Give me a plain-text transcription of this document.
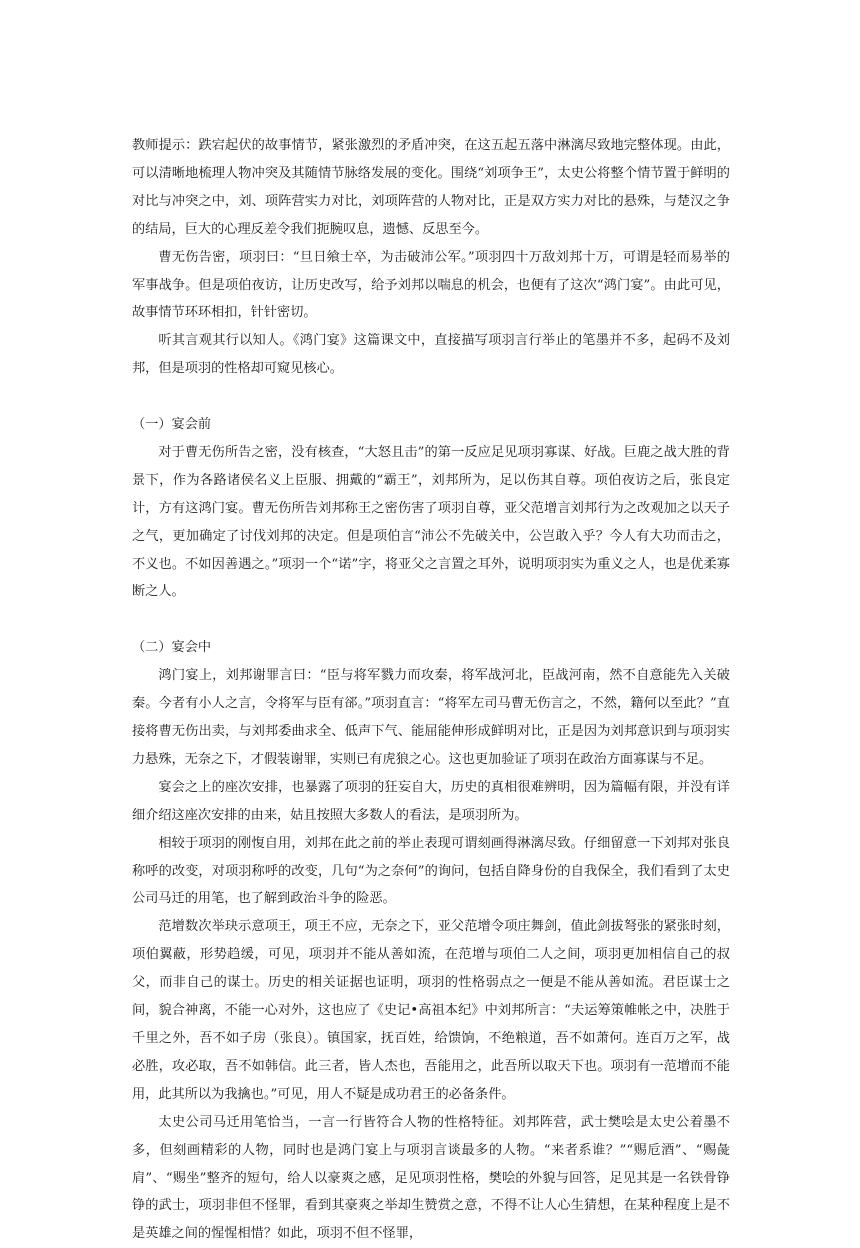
教师提示：跌宕起伏的故事情节，紧张激烈的矛盾冲突，在这五起五落中淋漓尽致地完整体现。由此，可以清晰地梳理人物冲突及其随情节脉络发展的变化。围绕“刘项争王”，太史公将整个情节置于鲜明的对比与冲突之中，刘、项阵营实力对比，刘项阵营的人物对比，正是双方实力对比的悬殊，与楚汉之争的结局，巨大的心理反差令我们扼腕叹息，遗憾、反思至今。

曹无伤告密，项羽曰：“旦日飨士卒，为击破沛公军。”项羽四十万敌刘邦十万，可谓是轻而易举的军事战争。但是项伯夜访，让历史改写，给予刘邦以喘息的机会，也便有了这次“鸿门宴”。由此可见，故事情节环环相扣，针针密切。

听其言观其行以知人。《鸿门宴》这篇课文中，直接描写项羽言行举止的笔墨并不多，起码不及刘邦，但是项羽的性格却可窥见核心。

（一）宴会前

对于曹无伤所告之密，没有核查，“大怒且击”的第一反应足见项羽寡谋、好战。巨鹿之战大胜的背景下，作为各路诸侯名义上臣服、拥戴的“霸王”，刘邦所为，足以伤其自尊。项伯夜访之后，张良定计，方有这鸿门宴。曹无伤所告刘邦称王之密伤害了项羽自尊，亚父范增言刘邦行为之改观加之以天子之气，更加确定了讨伐刘邦的决定。但是项伯言“沛公不先破关中，公岂敢入乎？今人有大功而击之，不义也。不如因善遇之。”项羽一个“诺”字，将亚父之言置之耳外，说明项羽实为重义之人，也是优柔寡断之人。

（二）宴会中

鸿门宴上，刘邦谢罪言曰：“臣与将军戮力而攻秦，将军战河北，臣战河南，然不自意能先入关破秦。今者有小人之言，令将军与臣有郤。”项羽直言：“将军左司马曹无伤言之，不然，籍何以至此？”直接将曹无伤出卖，与刘邦委曲求全、低声下气、能屈能伸形成鲜明对比，正是因为刘邦意识到与项羽实力悬殊，无奈之下，才假装谢罪，实则已有虎狼之心。这也更加验证了项羽在政治方面寡谋与不足。

宴会之上的座次安排，也暴露了项羽的狂妄自大，历史的真相很难辨明，因为篇幅有限，并没有详细介绍这座次安排的由来，姑且按照大多数人的看法，是项羽所为。

相较于项羽的刚愎自用，刘邦在此之前的举止表现可谓刻画得淋漓尽致。仔细留意一下刘邦对张良称呼的改变，对项羽称呼的改变，几句“为之奈何”的询问，包括自降身份的自我保全，我们看到了太史公司马迁的用笔，也了解到政治斗争的险恶。

范增数次举玦示意项王，项王不应，无奈之下，亚父范增令项庄舞剑，值此剑拔弩张的紧张时刻，项伯翼蔽，形势趋缓，可见，项羽并不能从善如流，在范增与项伯二人之间，项羽更加相信自己的叔父，而非自己的谋士。历史的相关证据也证明，项羽的性格弱点之一便是不能从善如流。君臣谋士之间，貌合神离，不能一心对外，这也应了《史记•高祖本纪》中刘邦所言：“夫运筹策帷帐之中，决胜于千里之外，吾不如子房（张良）。镇国家，抚百姓，给馈饷，不绝粮道，吾不如萧何。连百万之军，战必胜，攻必取，吾不如韩信。此三者，皆人杰也，吾能用之，此吾所以取天下也。项羽有一范增而不能用，此其所以为我擒也。”可见，用人不疑是成功君王的必备条件。

太史公司马迁用笔恰当，一言一行皆符合人物的性格特征。刘邦阵营，武士樊哙是太史公着墨不多，但刻画精彩的人物，同时也是鸿门宴上与项羽言谈最多的人物。“来者系谁？”“赐卮酒”、“赐彘肩”、“赐坐”整齐的短句，给人以豪爽之感，足见项羽性格，樊哙的外貌与回答，足见其是一名铁骨铮铮的武士，项羽非但不怪罪，看到其豪爽之举却生赞赏之意，不得不让人心生猜想，在某种程度上是不是英雄之间的惺惺相惜？如此，项羽不但不怪罪，
